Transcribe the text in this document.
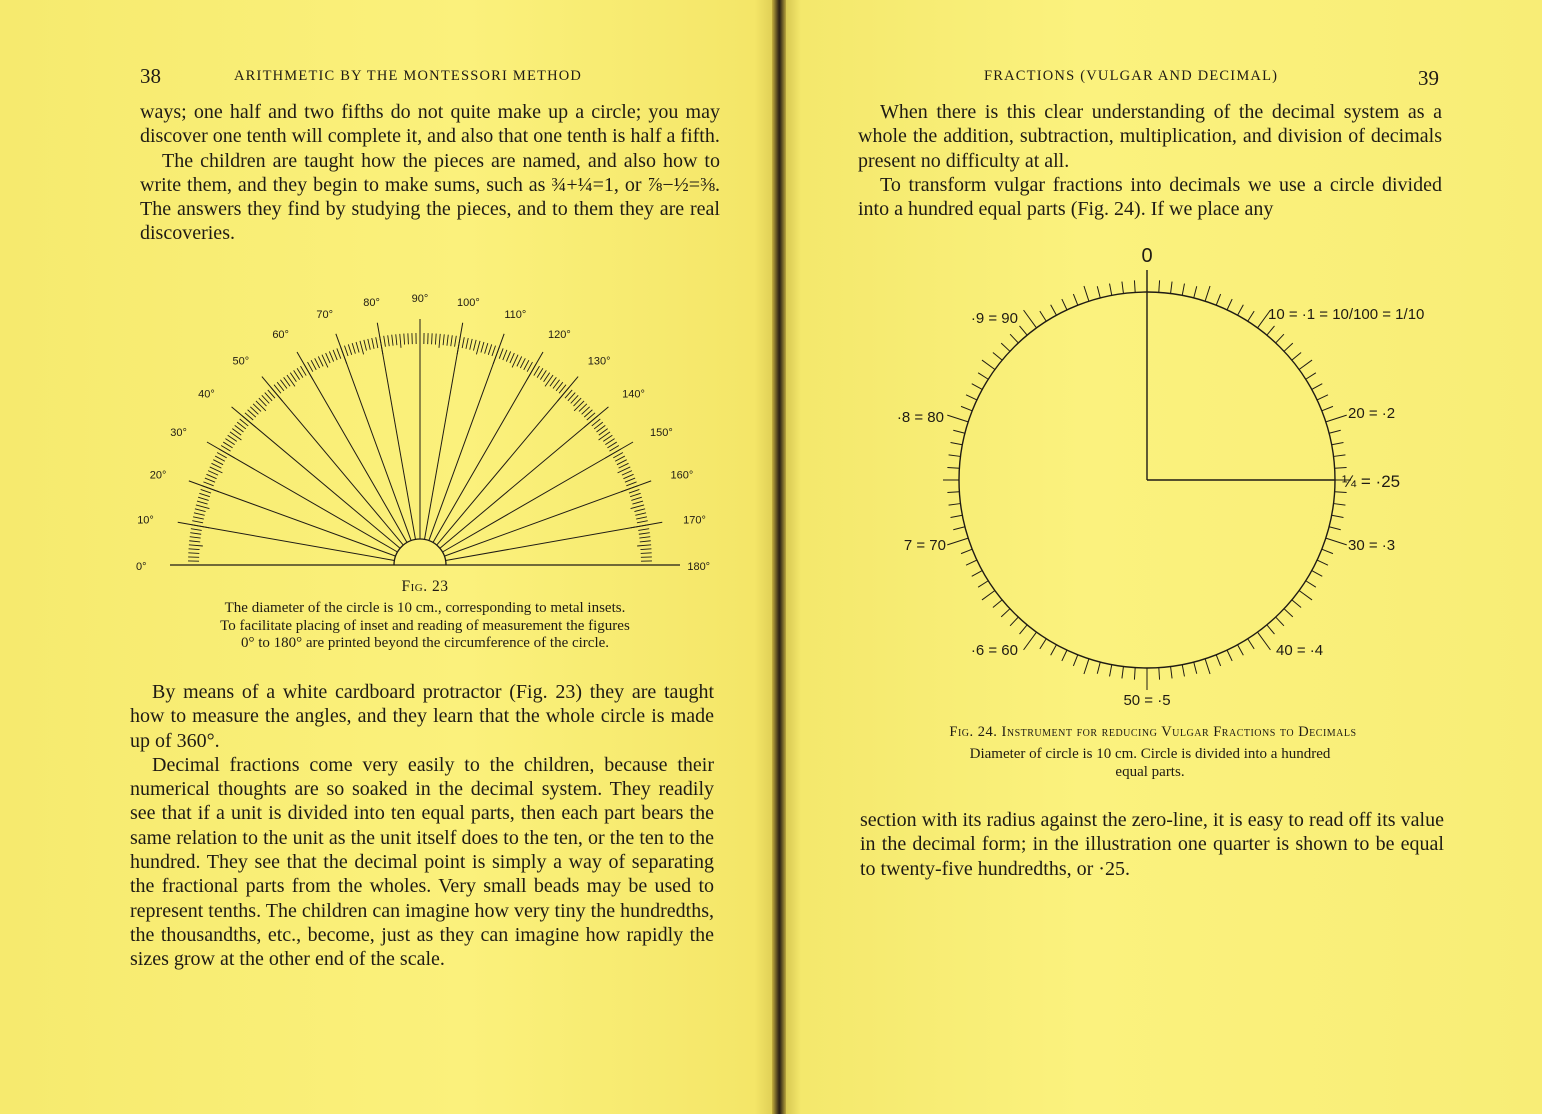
38	ARITHMETIC BY THE MONTESSORI METHOD

ways; one half and two fifths do not quite make up a circle; you may discover one tenth will complete it, and also that one tenth is half a fifth.

The children are taught how the pieces are named, and also how to write them, and they begin to make sums, such as ¾+¼=1, or ⅞−½=⅜. The answers they find by studying the pieces, and to them they are real discoveries.

0°
10°
20°
30°
40°
50°
60°
70°
80°	90°	100°
110°
120°
130°
140°
150°
160°
170°
180°
Fig. 23
The diameter of the circle is 10 cm., corresponding to metal insets.
To facilitate placing of inset and reading of measurement the figures
0° to 180° are printed beyond the circumference of the circle.

By means of a white cardboard protractor (Fig. 23) they are taught how to measure the angles, and they learn that the whole circle is made up of 360°.

Decimal fractions come very easily to the children, because their numerical thoughts are so soaked in the decimal system. They readily see that if a unit is divided into ten equal parts, then each part bears the same relation to the unit as the unit itself does to the ten, or the ten to the hundred. They see that the decimal point is simply a way of separating the fractional parts from the wholes. Very small beads may be used to represent tenths. The children can imagine how very tiny the hundredths, the thousandths, etc., become, just as they can imagine how rapidly the sizes grow at the other end of the scale.

FRACTIONS (VULGAR AND DECIMAL)	39

When there is this clear understanding of the decimal system as a whole the addition, subtraction, multiplication, and division of decimals present no difficulty at all.

To transform vulgar fractions into decimals we use a circle divided into a hundred equal parts (Fig. 24). If we place any

0
10 = ·1 = 10/100 = 1/10
20 = ·2
¼ = ·25
30 = ·3
40 = ·4
50 = ·5
·6 = 60
7 = 70
·8 = 80
·9 = 90
Fig. 24. Instrument for reducing Vulgar Fractions to Decimals
Diameter of circle is 10 cm. Circle is divided into a hundred
equal parts.

section with its radius against the zero-line, it is easy to read off its value in the decimal form; in the illustration one quarter is shown to be equal to twenty-five hundredths, or ·25.
